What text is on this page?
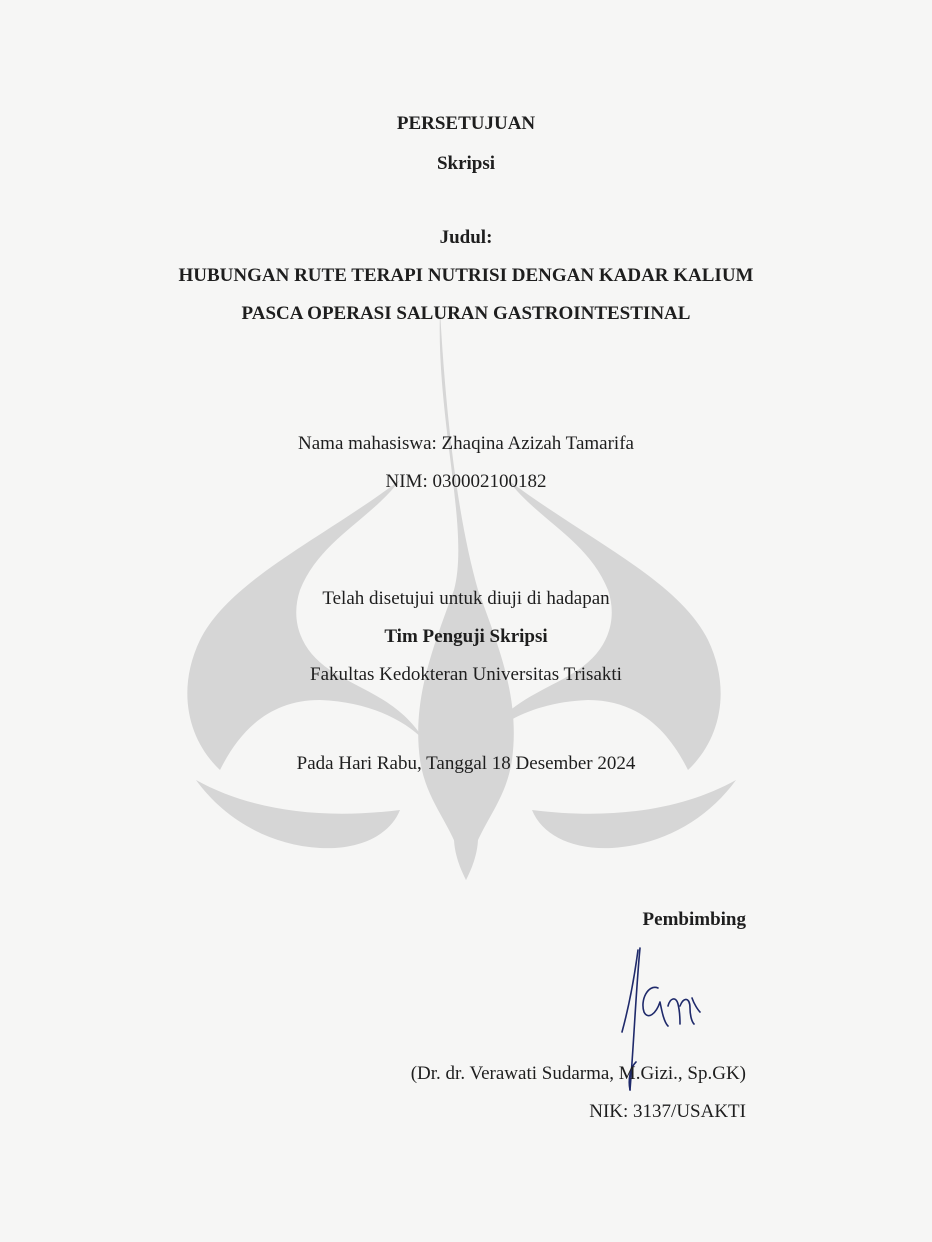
PERSETUJUAN
Skripsi
Judul:
HUBUNGAN RUTE TERAPI NUTRISI DENGAN KADAR KALIUM
PASCA OPERASI SALURAN GASTROINTESTINAL
Nama mahasiswa: Zhaqina Azizah Tamarifa
NIM: 030002100182
Telah disetujui untuk diuji di hadapan
Tim Penguji Skripsi
Fakultas Kedokteran Universitas Trisakti
Pada Hari Rabu, Tanggal 18 Desember 2024
Pembimbing
(Dr. dr. Verawati Sudarma, M.Gizi., Sp.GK)
NIK: 3137/USAKTI
